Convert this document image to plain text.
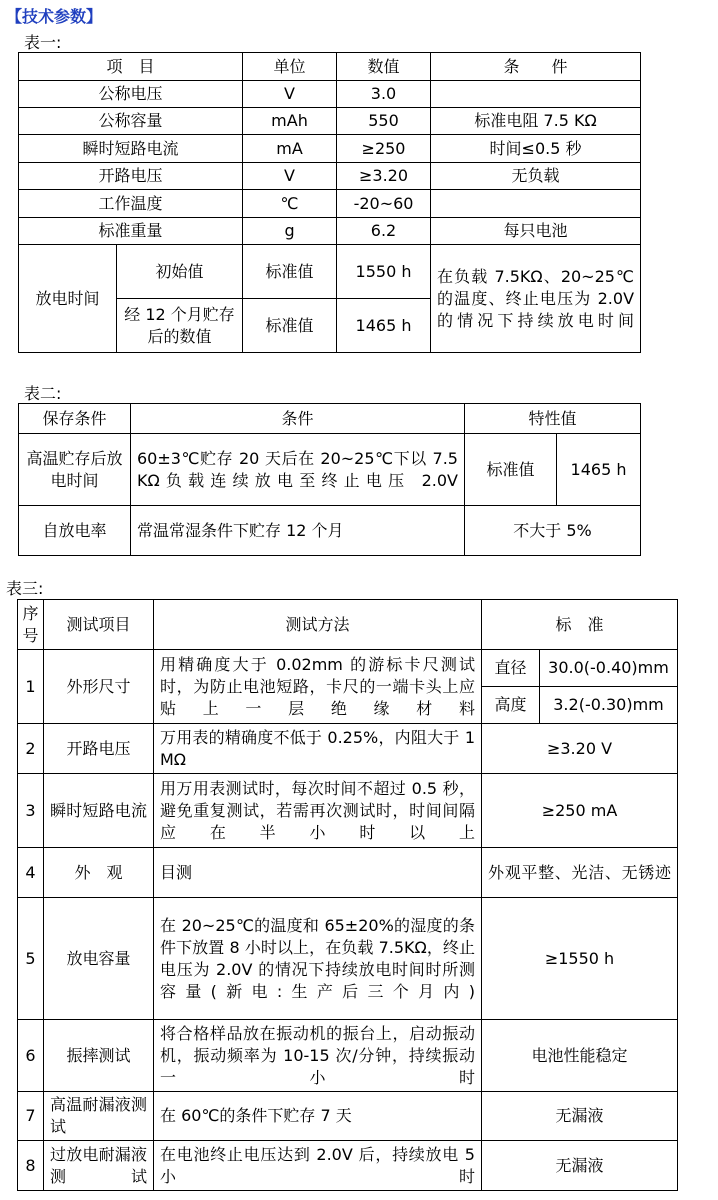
【技术参数】
表一:
项　目		单位	数值	条　　件
公称电压		V	3.0	
公称容量		mAh	550	标准电阻 7.5 KΩ
瞬时短路电流		mA	≥250	时间≤0.5 秒
开路电压		V	≥3.20	无负载
工作温度		℃	-20~60	
标准重量		g	6.2	每只电池
放电时间	初始值	标准值	1550 h	在负载 7.5KΩ、20~25℃的温度、终止电压为 2.0V 的情况下持续放电时间
	经 12 个月贮存后的数值	标准值	1465 h	
表二:
保存条件	条件	特性值	
高温贮存后放电时间	60±3℃贮存 20 天后在 20~25℃下以 7.5KΩ负载连续放电至终止电压 2.0V	标准值	1465 h
自放电率	常温常湿条件下贮存 12 个月	不大于 5%	
表三:
序号	测试项目	测试方法	标　准	
1	外形尺寸	用精确度大于 0.02mm 的游标卡尺测试时，为防止电池短路，卡尺的一端卡头上应贴上一层绝缘材料	直径	30.0(-0.40)mm
			高度	3.2(-0.30)mm
2	开路电压	万用表的精确度不低于 0.25%，内阻大于 1MΩ	≥3.20 V	
3	瞬时短路电流	用万用表测试时，每次时间不超过 0.5 秒，避免重复测试，若需再次测试时，时间间隔应在半小时以上	≥250 mA	
4	外　观	目测	外观平整、光洁、无锈迹	
5	放电容量	在 20~25℃的温度和 65±20%的湿度的条件下放置 8 小时以上，在负载 7.5KΩ，终止电压为 2.0V 的情况下持续放电时间时所测容量(新电:生产后三个月内)	≥1550 h	
6	振摔测试	将合格样品放在振动机的振台上，启动振动机，振动频率为 10-15 次/分钟，持续振动一小时	电池性能稳定	
7	高温耐漏液测试	在 60℃的条件下贮存 7 天	无漏液	
8	过放电耐漏液测试	在电池终止电压达到 2.0V 后，持续放电 5 小时	无漏液	
